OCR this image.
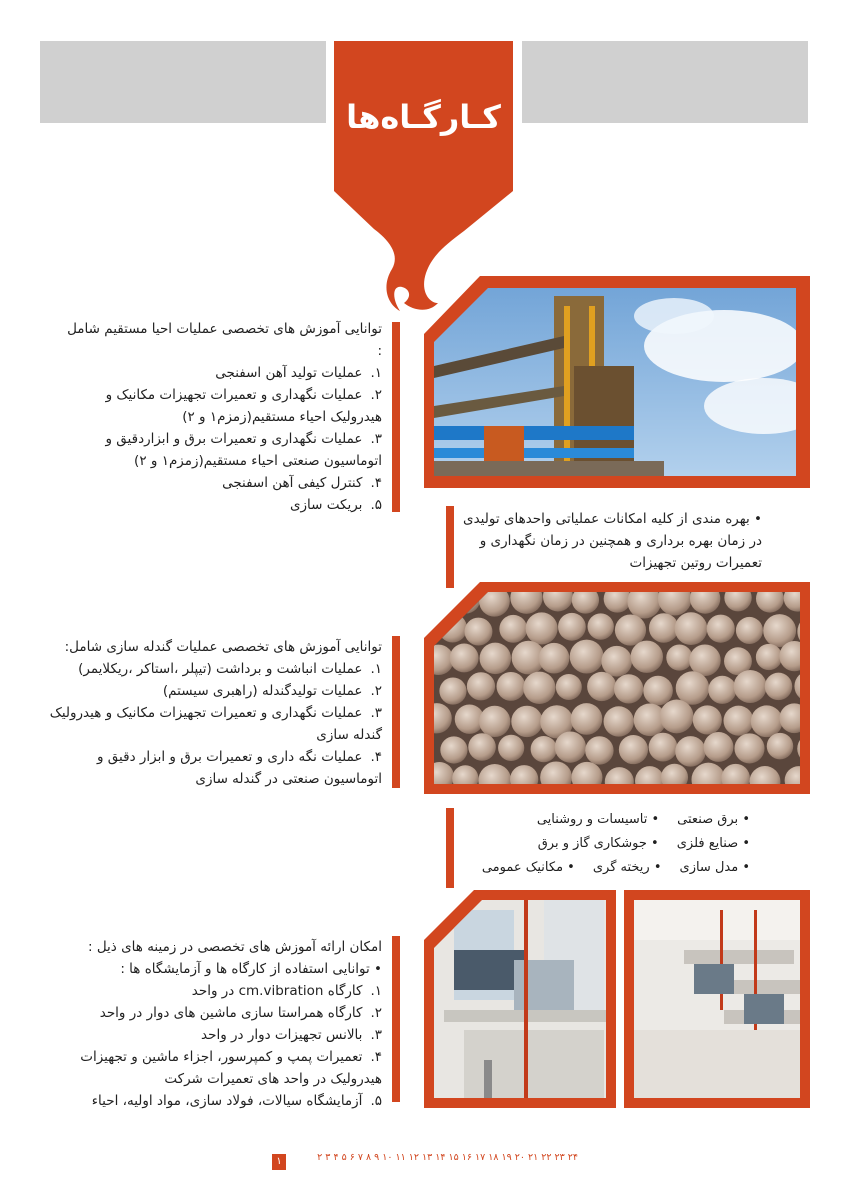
کـارگـاه‌ها

توانایی آموزش های تخصصی عملیات احیا مستقیم شامل :

۱.عملیات تولید آهن اسفنجی
۲.عملیات نگهداری و تعمیرات تجهیزات مکانیک و هیدرولیک احیاء مستقیم(زمزم۱ و ۲)
۳.عملیات نگهداری و تعمیرات برق و ابزاردقیق و اتوماسیون صنعتی احیاء مستقیم(زمزم۱ و ۲)
۴.کنترل کیفی آهن اسفنجی
۵.بریکت سازی
• بهره مندی از کلیه امکانات عملیاتی واحدهای تولیدی در زمان بهره برداری و همچنین در زمان نگهداری و تعمیرات روتین تجهیزات

توانایی آموزش های تخصصی عملیات گندله سازی شامل:

۱.عملیات انباشت و برداشت (تیپلر ،استاکر ،ریکلایمر)
۲.عملیات تولیدگندله (راهبری سیستم)
۳.عملیات نگهداری و تعمیرات تجهیزات مکانیک و هیدرولیک گندله سازی
۴.عملیات نگه داری و تعمیرات برق و ابزار دقیق و اتوماسیون صنعتی در گندله سازی
• برق صنعتی
• تاسیسات و روشنایی
• صنایع فلزی
• جوشکاری گاز و برق
• مدل سازی
• ریخته گری
• مکانیک عمومی

امکان ارائه آموزش های تخصصی در زمینه های ذیل :

• توانایی استفاده از کارگاه ها و آزمایشگاه ها :

۱.کارگاه cm.vibration در واحد
۲.کارگاه همراستا سازی ماشین های دوار در واحد
۳.بالانس تجهیزات دوار در واحد
۴.تعمیرات پمپ و کمپرسور، اجزاء ماشین و تجهیزات هیدرولیک در واحد های تعمیرات شرکت
۵.آزمایشگاه سیالات، فولاد سازی، مواد اولیه، احیاء
۲۴ ۲۳ ۲۲ ۲۱ ۲۰ ۱۹ ۱۸ ۱۷ ۱۶ ۱۵ ۱۴ ۱۳ ۱۲ ۱۱ ۱۰ ۹ ۸ ۷ ۶ ۵ ۴ ۳ ۲
۱
